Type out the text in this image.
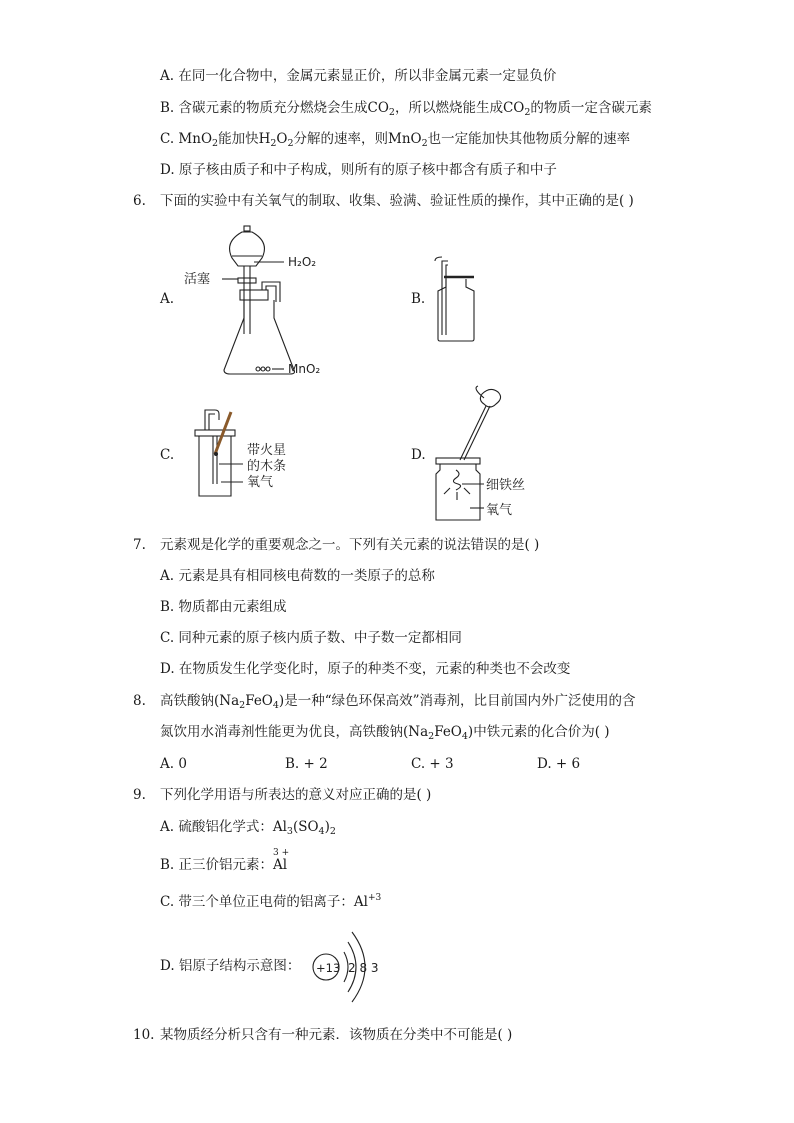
A. 在同一化合物中，金属元素显正价，所以非金属元素一定显负价
B. 含碳元素的物质充分燃烧会生成$CO_2$，所以燃烧能生成$CO_2$的物质一定含碳元素
C. MnO$_2$能加快$H_2O_2$分解的速率，则MnO$_2$也一定能加快其他物质分解的速率
D. 原子核由质子和中子构成，则所有的原子核中都含有质子和中子
6. 下面的实验中有关氧气的制取、收集、验满、验证性质的操作，其中正确的是( )
A.	B.
C.	D.
H₂O₂
活塞
MnO₂
带火星
的木条
氧气	细铁丝
氧气
7. 元素观是化学的重要观念之一。下列有关元素的说法错误的是( )
A. 元素是具有相同核电荷数的一类原子的总称
B. 物质都由元素组成
C. 同种元素的原子核内质子数、中子数一定都相同
D. 在物质发生化学变化时，原子的种类不变，元素的种类也不会改变
8. 高铁酸钠$(Na_2FeO_4)$是一种“绿色环保高效”消毒剂，比目前国内外广泛使用的含
氮饮用水消毒剂性能更为优良，高铁酸钠$(Na_2FeO_4)$中铁元素的化合价为( )
A. 0	B. + 2	C. + 3	D. + 6
9. 下列化学用语与所表达的意义对应正确的是( )
A. 硫酸铝化学式：$Al_3(SO_4)_2$
B. 正三价铝元素：
3 +
Al
C. 带三个单位正电荷的铝离子：$Al^{+3}$
D. 铝原子结构示意图： +13 2 8 3
10. 某物质经分析只含有一种元素．该物质在分类中不可能是( )
